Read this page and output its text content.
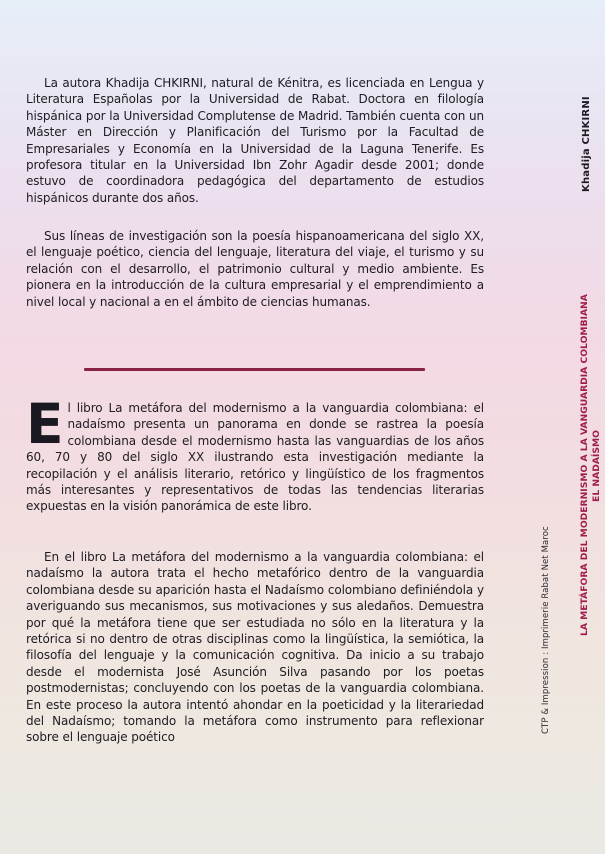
La autora Khadija CHKIRNI, natural de Kénitra, es licenciada en Lengua y Literatura Españolas por la Universidad de Rabat. Doctora en filología hispánica por la Universidad Complutense de Madrid. También cuenta con un Máster en Dirección y Planificación del Turismo por la Facultad de Empresariales y Economía en la Universidad de la Laguna Tenerife. Es profesora titular en la Universidad Ibn Zohr Agadir desde 2001; donde estuvo de coordinadora pedagógica del departamento de estudios hispánicos durante dos años.

Sus líneas de investigación son la poesía hispanoamericana del siglo XX, el lenguaje poético, ciencia del lenguaje, literatura del viaje, el turismo y su relación con el desarrollo, el patrimonio cultural y medio ambiente. Es pionera en la introducción de la cultura empresarial y el emprendimiento a nivel local y nacional a en el ámbito de ciencias humanas.

E l libro La metáfora del modernismo a la vanguardia colombiana: el nadaísmo presenta un panorama en donde se rastrea la poesía colombiana desde el modernismo hasta las vanguardias de los años 60, 70 y 80 del siglo XX ilustrando esta investigación mediante la recopilación y el análisis literario, retórico y lingüístico de los fragmentos más interesantes y representativos de todas las tendencias literarias expuestas en la visión panorámica de este libro.

En el libro La metáfora del modernismo a la vanguardia colombiana: el nadaísmo la autora trata el hecho metafórico dentro de la vanguardia colombiana desde su aparición hasta el Nadaísmo colombiano definiéndola y averiguando sus mecanismos, sus motivaciones y sus aledaños. Demuestra por qué la metáfora tiene que ser estudiada no sólo en la literatura y la retórica si no dentro de otras disciplinas como la lingüística, la semiótica, la filosofía del lenguaje y la comunicación cognitiva. Da inicio a su trabajo desde el modernista José Asunción Silva pasando por los poetas postmodernistas; concluyendo con los poetas de la vanguardia colombiana. En este proceso la autora intentó ahondar en la poeticidad y la literariedad del Nadaísmo; tomando la metáfora como instrumento para reflexionar sobre el lenguaje poético

Khadija CHKIRNI
LA METÁFORA DEL MODERNISMO A LA VANGUARDIA COLOMBIANA EL NADAÍSMO
CTP & Impression : Imprimerie Rabat Net Maroc
